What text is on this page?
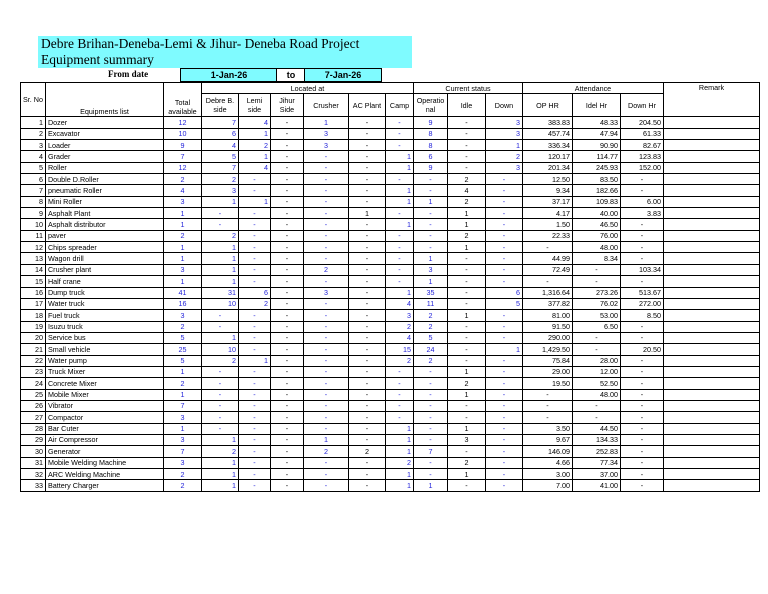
Debre Brihan-Deneba-Lemi & Jihur- Deneba Road Project
Equipment summary
From date	1-Jan-26	to	7-Jan-26
Sr. No	Equipments list	Total available	Located at						Current status			Attendance			Remark
			Debre B. side	Lemi side	Jihur Side	Crusher	AC Plant	Camp	Operatio nal	Idle	Down	OP HR	Idel Hr	Down Hr	
1	Dozer	12	7	4	-	1	-	-	9	-	3	383.83	48.33	204.50	
2	Excavator	10	6	1	-	3	-	-	8	-	3	457.74	47.94	61.33	
3	Loader	9	4	2	-	3	-	-	8	-	1	336.34	90.90	82.67	
4	Grader	7	5	1	-	-	-	1	6	-	2	120.17	114.77	123.83	
5	Roller	12	7	4	-	-	-	1	9	-	3	201.34	245.93	152.00	
6	Double D.Roller	2	2	-	-	-	-	-	-	2	-	12.50	83.50	-	
7	pneumatic Roller	4	3	-	-	-	-	1	-	4	-	9.34	182.66	-	
8	Mini Roller	3	1	1	-	-	-	1	1	2	-	37.17	109.83	6.00	
9	Asphalt Plant	1	-	-	-	-	1	-	-	1	-	4.17	40.00	3.83	
10	Asphalt distributor	1	-	-	-	-	-	1	-	1	-	1.50	46.50	-	
11	paver	2	2	-	-	-	-	-	-	2	-	22.33	76.00	-	
12	Chips spreader	1	1	-	-	-	-	-	-	1	-	-	48.00	-	
13	Wagon drill	1	1	-	-	-	-	-	1	-	-	44.99	8.34	-	
14	Crusher plant	3	1	-	-	2	-	-	3	-	-	72.49	-	103.34	
15	Half crane	1	1	-	-	-	-	-	1	-	-	-	-	-	
16	Dump truck	41	31	6	-	3	-	1	35	-	6	1,316.64	273.26	513.67	
17	Water truck	16	10	2	-	-	-	4	11	-	5	377.82	76.02	272.00	
18	Fuel truck	3	-	-	-	-	-	3	2	1	-	81.00	53.00	8.50	
19	Isuzu truck	2	-	-	-	-	-	2	2	-	-	91.50	6.50	-	
20	Service bus	5	1	-	-	-	-	4	5	-	-	290.00	-	-	
21	Small vehicle	25	10	-	-	-	-	15	24	-	1	1,429.50	-	20.50	
22	Water pump	5	2	1	-	-	-	2	2	-	-	75.84	28.00	-	
23	Truck Mixer	1	-	-	-	-	-	-	-	1	-	29.00	12.00	-	
24	Concrete Mixer	2	-	-	-	-	-	-	-	2	-	19.50	52.50	-	
25	Mobile Mixer	1	-	-	-	-	-	-	-	1	-	-	48.00	-	
26	Vibrator	7	-	-	-	-	-	-	-	-	-	-	-	-	
27	Compactor	3	-	-	-	-	-	-	-	-	-	-	-	-	
28	Bar Cuter	1	-	-	-	-	-	1	-	1	-	3.50	44.50	-	
29	Air Compressor	3	1	-	-	1	-	1	-	3	-	9.67	134.33	-	
30	Generator	7	2	-	-	2	2	1	7	-	-	146.09	252.83	-	
31	Mobile Welding Machine	3	1	-	-	-	-	2	-	2	-	4.66	77.34	-	
32	ARC Welding Machine	2	1	-	-	-	-	1	-	1	-	3.00	37.00	-	
33	Battery Charger	2	1	-	-	-	-	1	1	-	-	7.00	41.00	-	
